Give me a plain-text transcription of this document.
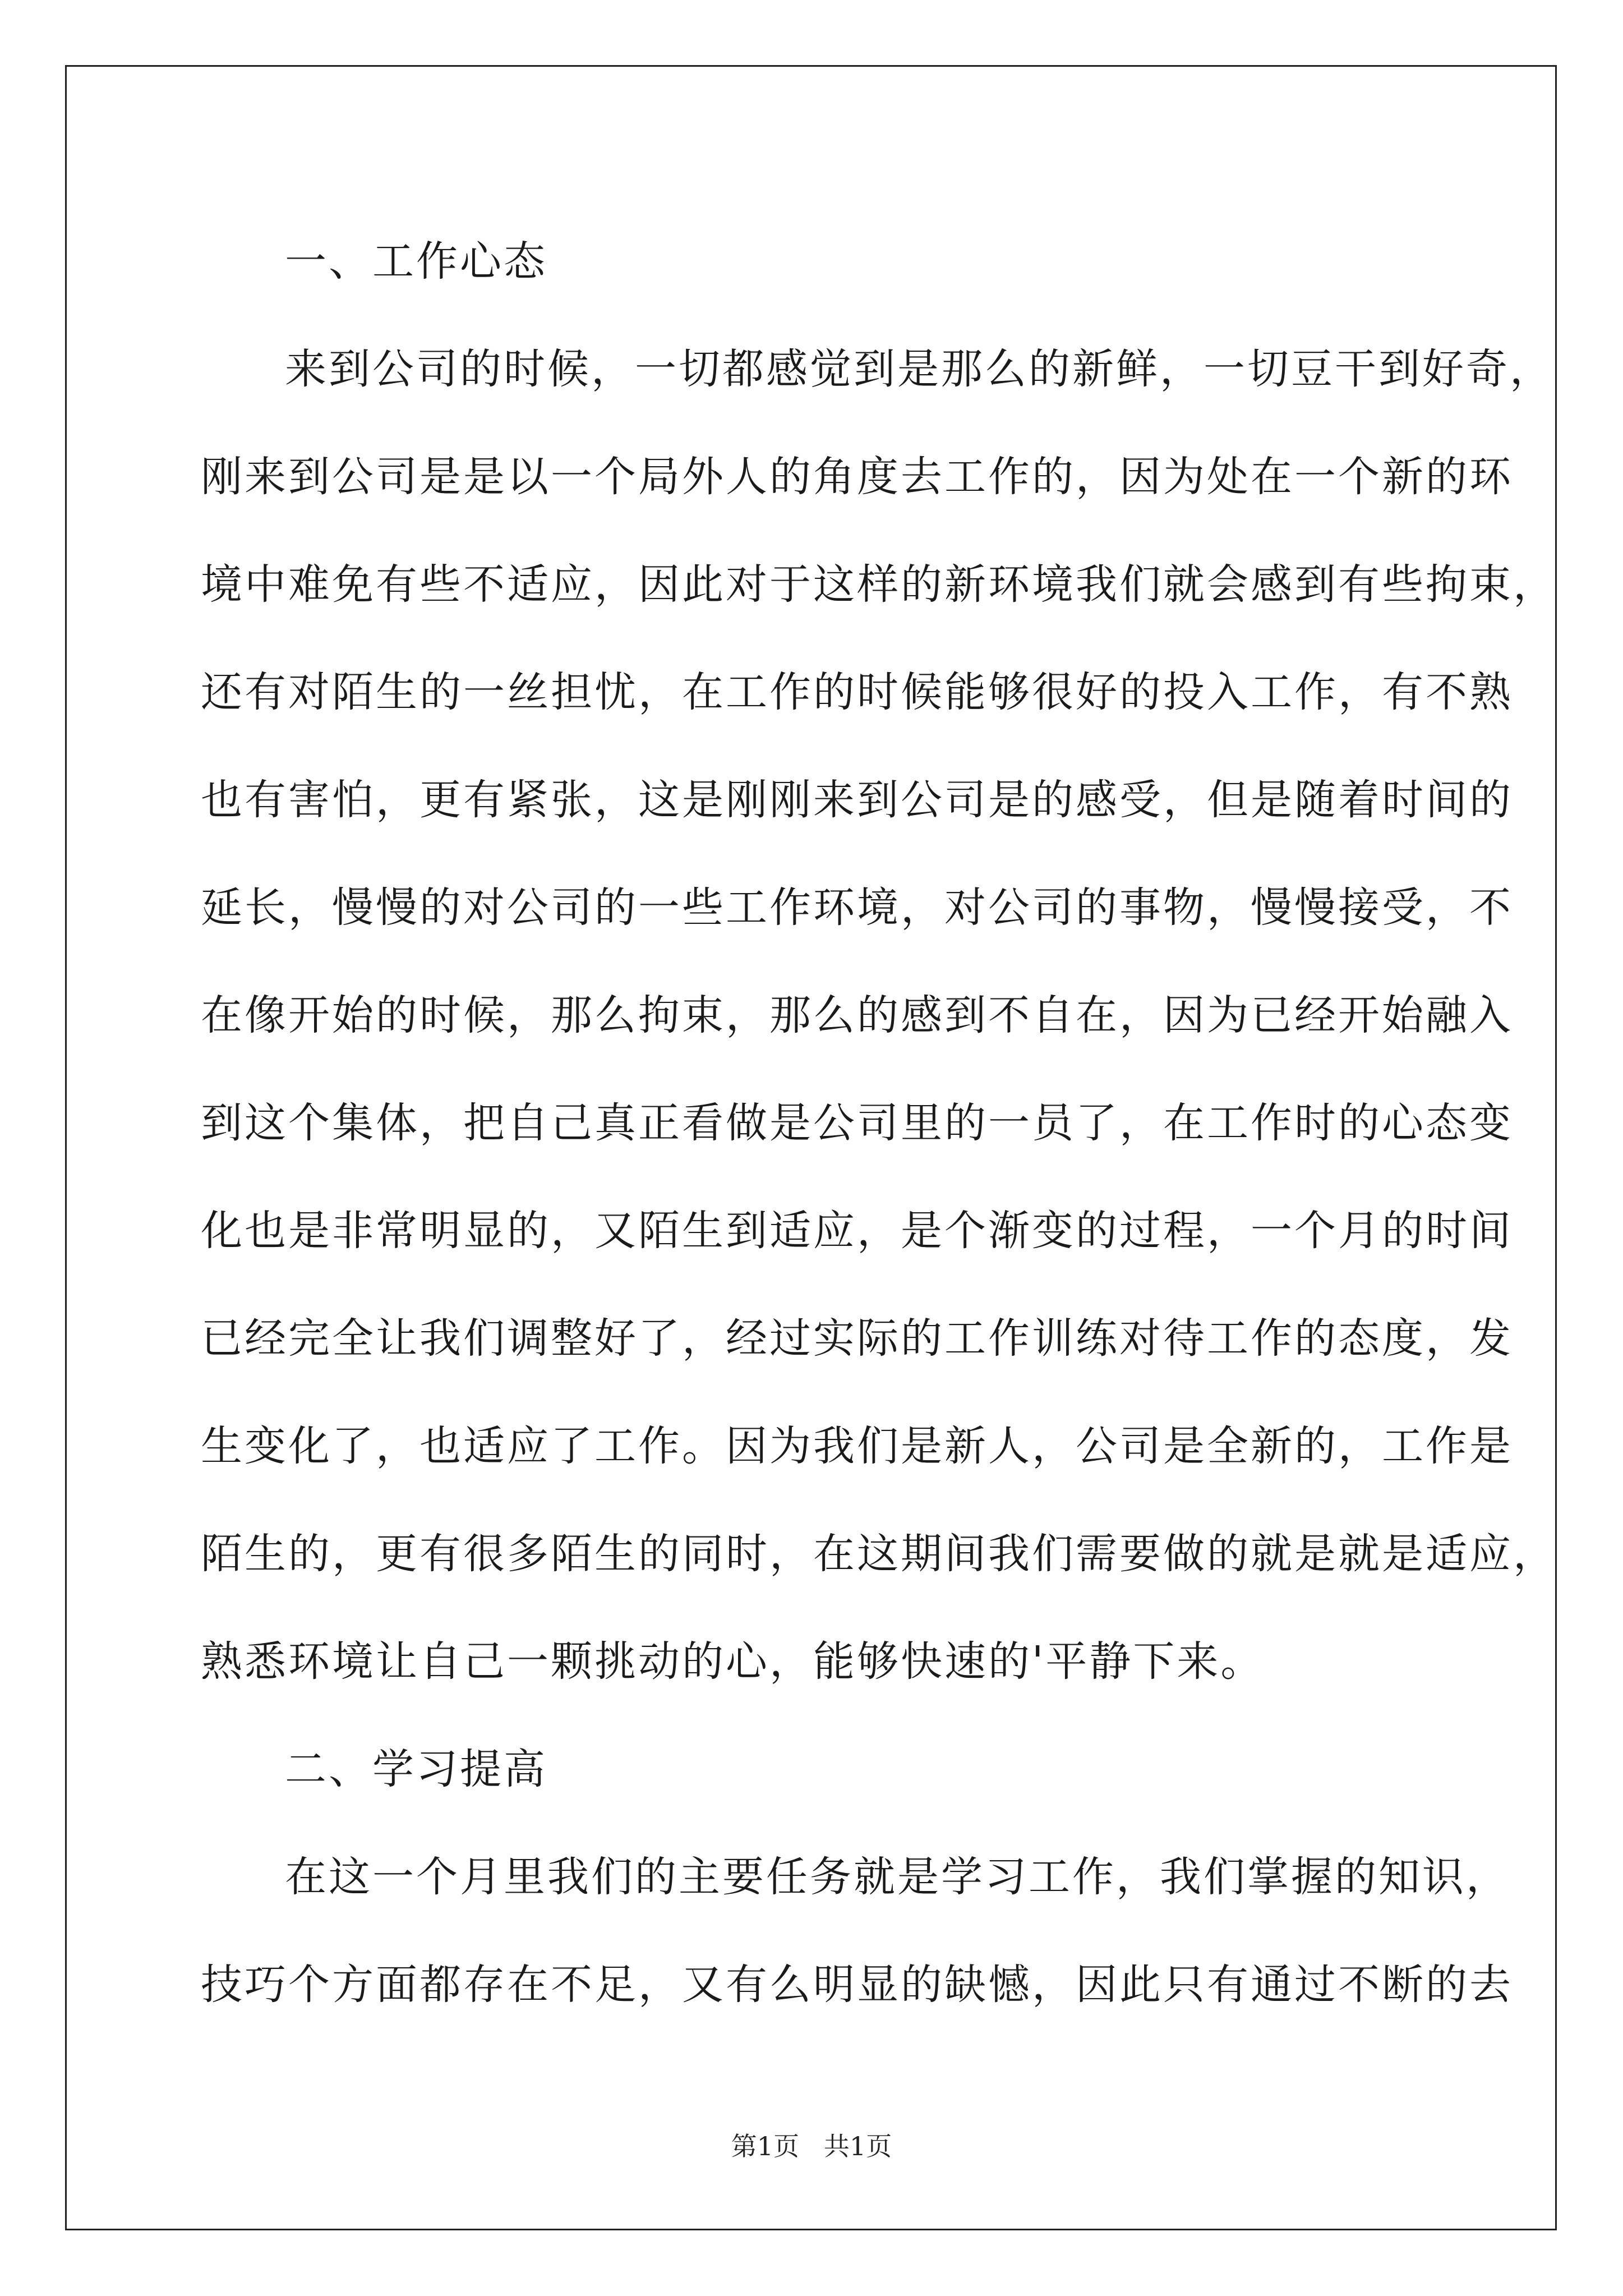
一、工作心态
来到公司的时候，一切都感觉到是那么的新鲜，一切豆干到好奇，
刚来到公司是是以一个局外人的角度去工作的，因为处在一个新的环
境中难免有些不适应，因此对于这样的新环境我们就会感到有些拘束，
还有对陌生的一丝担忧，在工作的时候能够很好的投入工作，有不熟
也有害怕，更有紧张，这是刚刚来到公司是的感受，但是随着时间的
延长，慢慢的对公司的一些工作环境，对公司的事物，慢慢接受，不
在像开始的时候，那么拘束，那么的感到不自在，因为已经开始融入
到这个集体，把自己真正看做是公司里的一员了，在工作时的心态变
化也是非常明显的，又陌生到适应，是个渐变的过程，一个月的时间
已经完全让我们调整好了，经过实际的工作训练对待工作的态度，发
生变化了，也适应了工作。因为我们是新人，公司是全新的，工作是
陌生的，更有很多陌生的同时，在这期间我们需要做的就是就是适应，
熟悉环境让自己一颗挑动的心，能够快速的'平静下来。
二、学习提高
在这一个月里我们的主要任务就是学习工作，我们掌握的知识，
技巧个方面都存在不足，又有么明显的缺憾，因此只有通过不断的去
第1页   共1页
